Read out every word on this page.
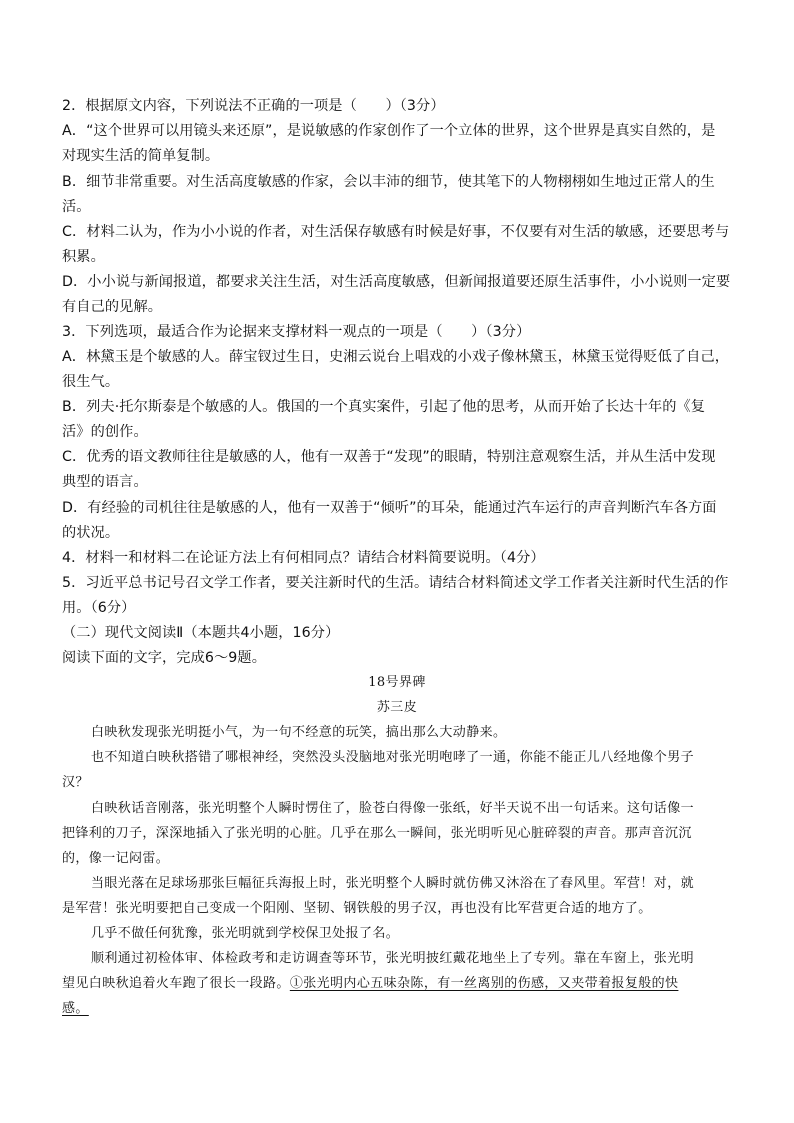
2．根据原文内容，下列说法不正确的一项是（　　）（3分）
A．“这个世界可以用镜头来还原”，是说敏感的作家创作了一个立体的世界，这个世界是真实自然的，是
对现实生活的简单复制。
B．细节非常重要。对生活高度敏感的作家，会以丰沛的细节，使其笔下的人物栩栩如生地过正常人的生
活。
C．材料二认为，作为小小说的作者，对生活保存敏感有时候是好事，不仅要有对生活的敏感，还要思考与
积累。
D．小小说与新闻报道，都要求关注生活，对生活高度敏感，但新闻报道要还原生活事件，小小说则一定要
有自己的见解。
3．下列选项，最适合作为论据来支撑材料一观点的一项是（　　）（3分）
A．林黛玉是个敏感的人。薛宝钗过生日，史湘云说台上唱戏的小戏子像林黛玉，林黛玉觉得贬低了自己，
很生气。
B．列夫·托尔斯泰是个敏感的人。俄国的一个真实案件，引起了他的思考，从而开始了长达十年的《复
活》的创作。
C．优秀的语文教师往往是敏感的人，他有一双善于“发现”的眼睛，特别注意观察生活，并从生活中发现
典型的语言。
D．有经验的司机往往是敏感的人，他有一双善于“倾听”的耳朵，能通过汽车运行的声音判断汽车各方面
的状况。
4．材料一和材料二在论证方法上有何相同点？请结合材料简要说明。（4分）
5．习近平总书记号召文学工作者，要关注新时代的生活。请结合材料简述文学工作者关注新时代生活的作
用。（6分）
（二）现代文阅读Ⅱ（本题共4小题，16分）
阅读下面的文字，完成6～9题。
18号界碑
苏三皮
白映秋发现张光明挺小气，为一句不经意的玩笑，搞出那么大动静来。
也不知道白映秋搭错了哪根神经，突然没头没脑地对张光明咆哮了一通，你能不能正儿八经地像个男子
汉？
白映秋话音刚落，张光明整个人瞬时愣住了，脸苍白得像一张纸，好半天说不出一句话来。这句话像一
把锋利的刀子，深深地插入了张光明的心脏。几乎在那么一瞬间，张光明听见心脏碎裂的声音。那声音沉沉
的，像一记闷雷。
当眼光落在足球场那张巨幅征兵海报上时，张光明整个人瞬时就仿佛又沐浴在了春风里。军营！对，就
是军营！张光明要把自己变成一个阳刚、坚韧、钢铁般的男子汉，再也没有比军营更合适的地方了。
几乎不做任何犹豫，张光明就到学校保卫处报了名。
顺利通过初检体审、体检政考和走访调查等环节，张光明披红戴花地坐上了专列。靠在车窗上，张光明
望见白映秋追着火车跑了很长一段路。①张光明内心五味杂陈，有一丝离别的伤感，又夹带着报复般的快
感。
